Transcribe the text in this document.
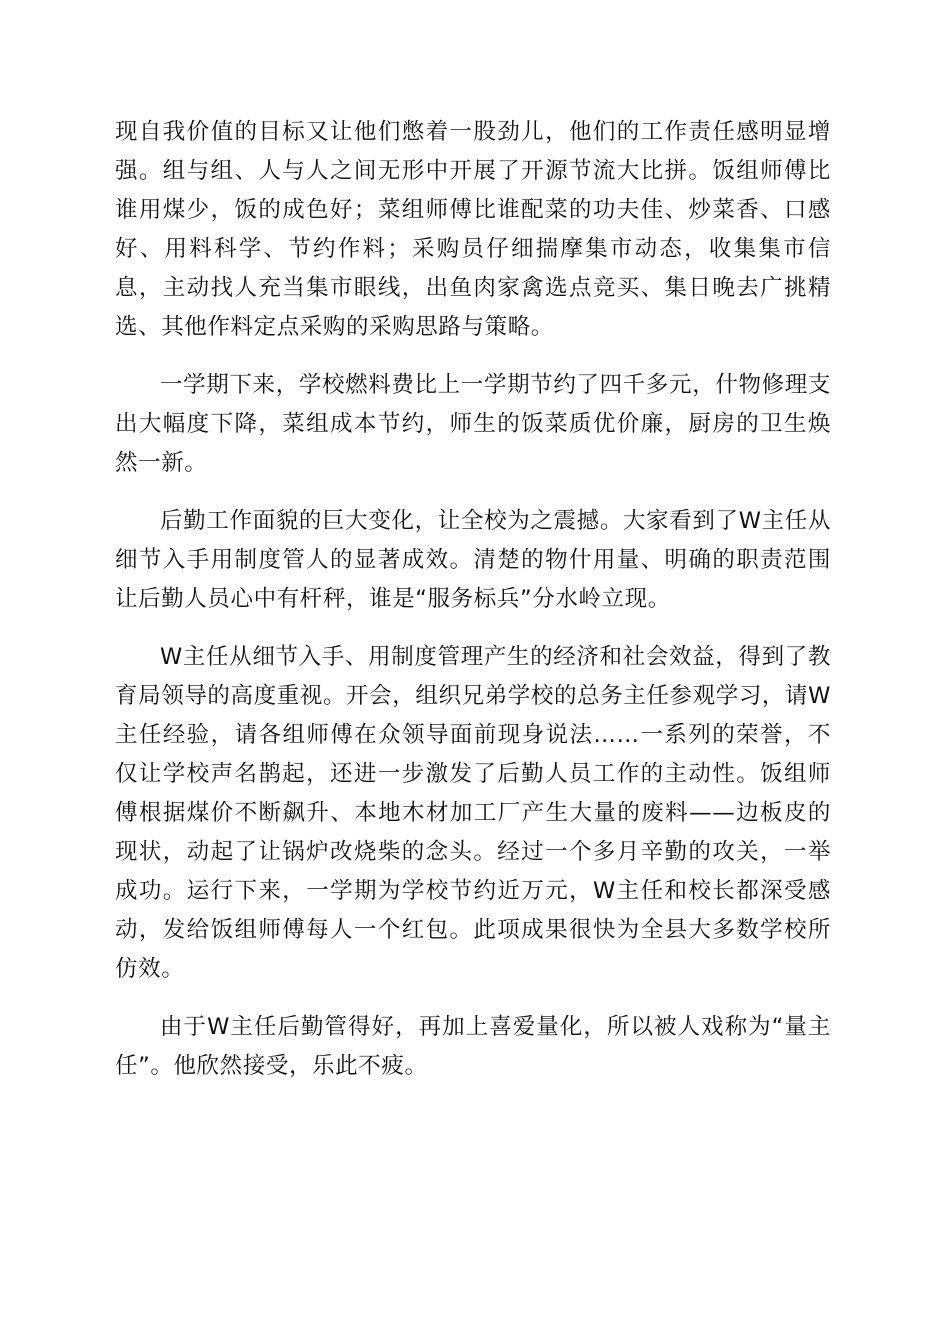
现自我价值的目标又让他们憋着一股劲儿，他们的工作责任感明显增强。组与组、人与人之间无形中开展了开源节流大比拼。饭组师傅比谁用煤少，饭的成色好；菜组师傅比谁配菜的功夫佳、炒菜香、口感好、用料科学、节约作料；采购员仔细揣摩集市动态，收集集市信息，主动找人充当集市眼线，出鱼肉家禽选点竞买、集日晚去广挑精选、其他作料定点采购的采购思路与策略。

一学期下来，学校燃料费比上一学期节约了四千多元，什物修理支出大幅度下降，菜组成本节约，师生的饭菜质优价廉，厨房的卫生焕然一新。

后勤工作面貌的巨大变化，让全校为之震撼。大家看到了W主任从细节入手用制度管人的显著成效。清楚的物什用量、明确的职责范围让后勤人员心中有杆秤，谁是“服务标兵”分水岭立现。

W主任从细节入手、用制度管理产生的经济和社会效益，得到了教育局领导的高度重视。开会，组织兄弟学校的总务主任参观学习，请W主任经验，请各组师傅在众领导面前现身说法……一系列的荣誉，不仅让学校声名鹊起，还进一步激发了后勤人员工作的主动性。饭组师傅根据煤价不断飙升、本地木材加工厂产生大量的废料——边板皮的现状，动起了让锅炉改烧柴的念头。经过一个多月辛勤的攻关，一举成功。运行下来，一学期为学校节约近万元，W主任和校长都深受感动，发给饭组师傅每人一个红包。此项成果很快为全县大多数学校所仿效。

由于W主任后勤管得好，再加上喜爱量化，所以被人戏称为“量主任”。他欣然接受，乐此不疲。
